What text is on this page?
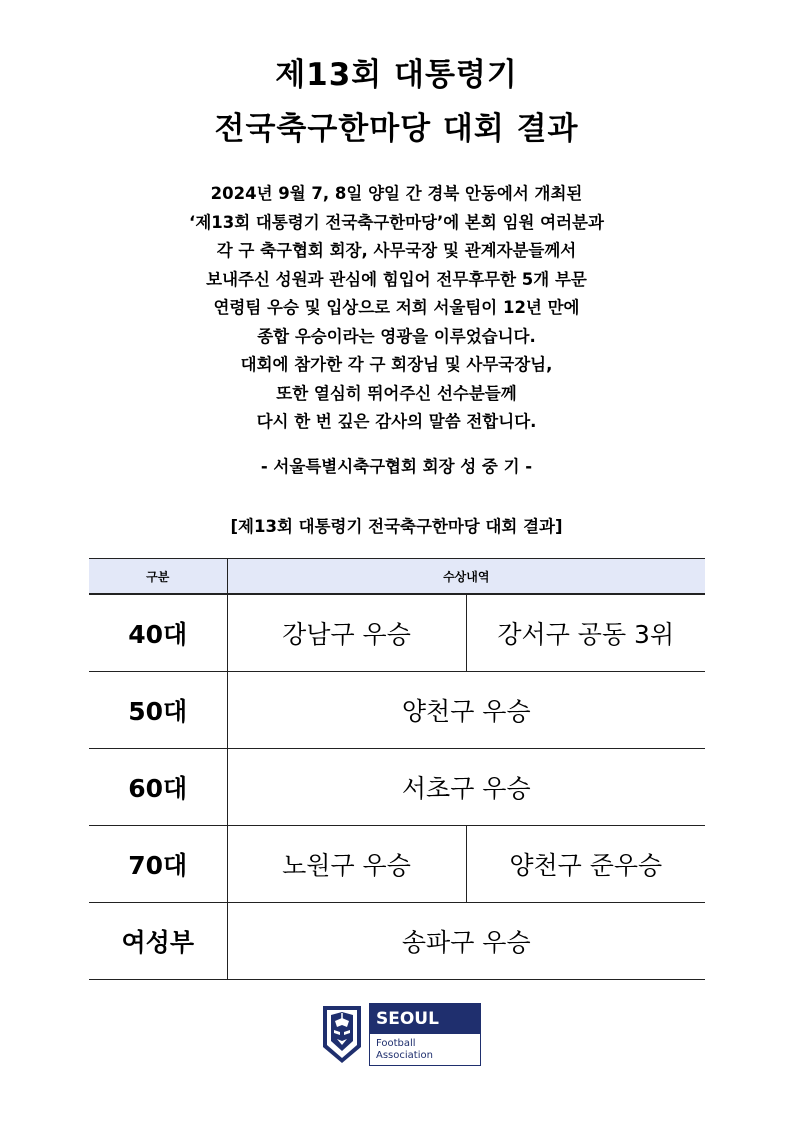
제13회 대통령기
전국축구한마당 대회 결과
2024년 9월 7, 8일 양일 간 경북 안동에서 개최된
‘제13회 대통령기 전국축구한마당’에 본회 임원 여러분과
각 구 축구협회 회장, 사무국장 및 관계자분들께서
보내주신 성원과 관심에 힘입어 전무후무한 5개 부문
연령팀 우승 및 입상으로 저희 서울팀이 12년 만에
종합 우승이라는 영광을 이루었습니다.
대회에 참가한 각 구 회장님 및 사무국장님,
또한 열심히 뛰어주신 선수분들께
다시 한 번 깊은 감사의 말씀 전합니다.
- 서울특별시축구협회 회장 성 중 기 -
[제13회 대통령기 전국축구한마당 대회 결과]
구분	수상내역	
40대	강남구 우승	강서구 공동 3위
50대	양천구 우승	
60대	서초구 우승	
70대	노원구 우승	양천구 준우승
여성부	송파구 우승	
SEOUL
Football
Association
